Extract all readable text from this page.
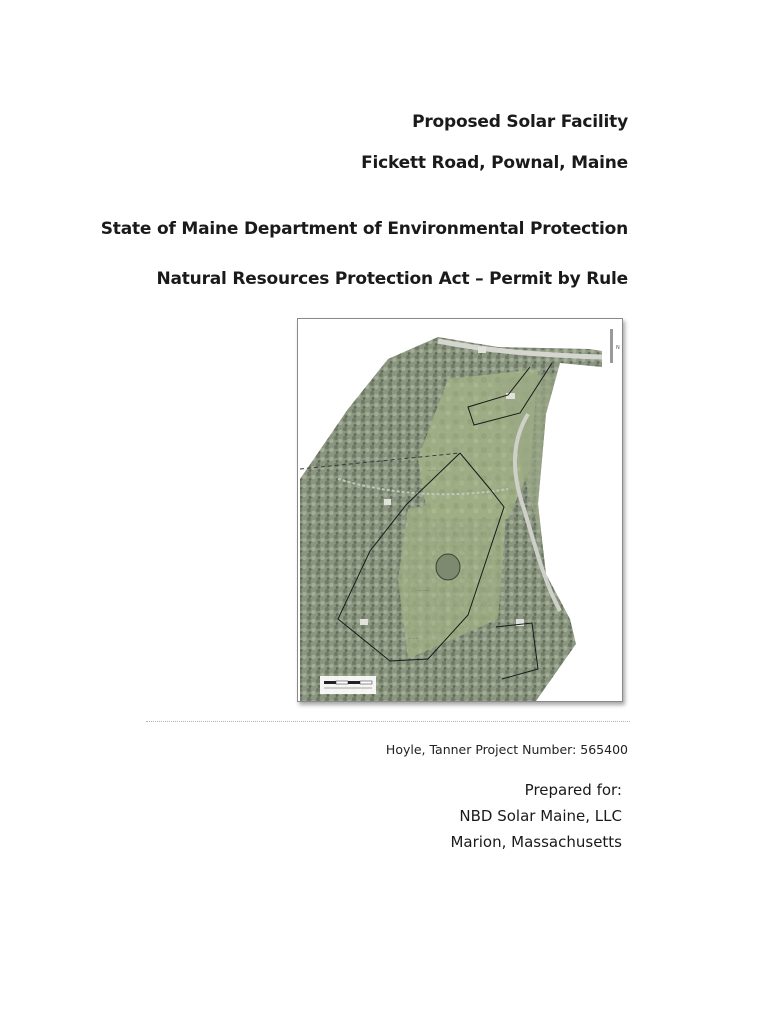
Proposed Solar Facility

Fickett Road, Pownal, Maine

State of Maine Department of Environmental Protection

Natural Resources Protection Act – Permit by Rule

— — —
— — —
— — —
N
Hoyle, Tanner Project Number: 565400
Prepared for:
NBD Solar Maine, LLC
Marion, Massachusetts
